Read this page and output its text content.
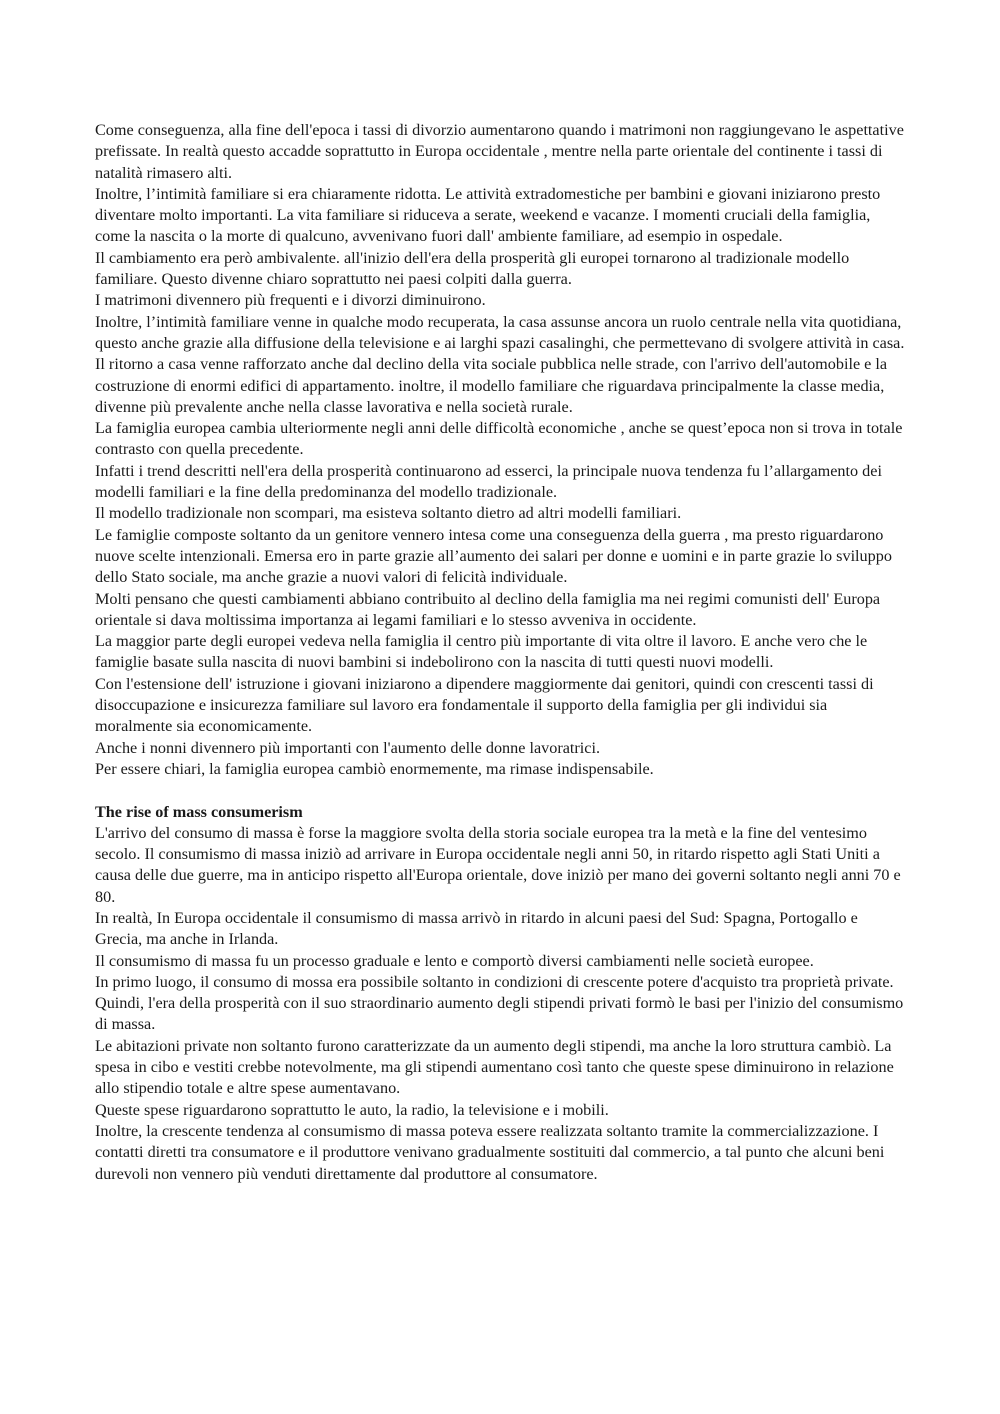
Come conseguenza, alla fine dell'epoca i tassi di divorzio aumentarono quando i matrimoni non raggiungevano le aspettative prefissate. In realtà questo accadde soprattutto in Europa occidentale , mentre nella parte orientale del continente i tassi di natalità rimasero alti.

Inoltre, l’intimità familiare si era chiaramente ridotta. Le attività extradomestiche per bambini e giovani iniziarono presto diventare molto importanti. La vita familiare si riduceva a serate, weekend e vacanze. I momenti cruciali della famiglia, come la nascita o la morte di qualcuno, avvenivano fuori dall' ambiente familiare, ad esempio in ospedale.

Il cambiamento era però ambivalente. all'inizio dell'era della prosperità gli europei tornarono al tradizionale modello familiare. Questo divenne chiaro soprattutto nei paesi colpiti dalla guerra.

I matrimoni divennero più frequenti e i divorzi diminuirono.

Inoltre, l’intimità familiare venne in qualche modo recuperata, la casa assunse ancora un ruolo centrale nella vita quotidiana, questo anche grazie alla diffusione della televisione e ai larghi spazi casalinghi, che permettevano di svolgere attività in casa.

Il ritorno a casa venne rafforzato anche dal declino della vita sociale pubblica nelle strade, con l'arrivo dell'automobile e la costruzione di enormi edifici di appartamento. inoltre, il modello familiare che riguardava principalmente la classe media, divenne più prevalente anche nella classe lavorativa e nella società rurale.

La famiglia europea cambia ulteriormente negli anni delle difficoltà economiche , anche se quest’epoca non si trova in totale contrasto con quella precedente.

Infatti i trend descritti nell'era della prosperità continuarono ad esserci, la principale nuova tendenza fu l’allargamento dei modelli familiari e la fine della predominanza del modello tradizionale.

Il modello tradizionale non scompari, ma esisteva soltanto dietro ad altri modelli familiari.

Le famiglie composte soltanto da un genitore vennero intesa come una conseguenza della guerra , ma presto riguardarono nuove scelte intenzionali. Emersa ero in parte grazie all’aumento dei salari per donne e uomini e in parte grazie lo sviluppo dello Stato sociale, ma anche grazie a nuovi valori di felicità individuale.

Molti pensano che questi cambiamenti abbiano contribuito al declino della famiglia ma nei regimi comunisti dell' Europa orientale si dava moltissima importanza ai legami familiari e lo stesso avveniva in occidente.

La maggior parte degli europei vedeva nella famiglia il centro più importante di vita oltre il lavoro. E anche vero che le famiglie basate sulla nascita di nuovi bambini si indebolirono con la nascita di tutti questi nuovi modelli.

Con l'estensione dell' istruzione i giovani iniziarono a dipendere maggiormente dai genitori, quindi con crescenti tassi di disoccupazione e insicurezza familiare sul lavoro era fondamentale il supporto della famiglia per gli individui sia moralmente sia economicamente.

Anche i nonni divennero più importanti con l'aumento delle donne lavoratrici.

Per essere chiari, la famiglia europea cambiò enormemente, ma rimase indispensabile.

The rise of mass consumerism

L'arrivo del consumo di massa è forse la maggiore svolta della storia sociale europea tra la metà e la fine del ventesimo secolo. Il consumismo di massa iniziò ad arrivare in Europa occidentale negli anni 50, in ritardo rispetto agli Stati Uniti a causa delle due guerre, ma in anticipo rispetto all'Europa orientale, dove iniziò per mano dei governi soltanto negli anni 70 e 80.

In realtà, In Europa occidentale il consumismo di massa arrivò in ritardo in alcuni paesi del Sud: Spagna, Portogallo e Grecia, ma anche in Irlanda.

Il consumismo di massa fu un processo graduale e lento e comportò diversi cambiamenti nelle società europee.

In primo luogo, il consumo di mossa era possibile soltanto in condizioni di crescente potere d'acquisto tra proprietà private. Quindi, l'era della prosperità con il suo straordinario aumento degli stipendi privati formò le basi per l'inizio del consumismo di massa.

Le abitazioni private non soltanto furono caratterizzate da un aumento degli stipendi, ma anche la loro struttura cambiò. La spesa in cibo e vestiti crebbe notevolmente, ma gli stipendi aumentano così tanto che queste spese diminuirono in relazione allo stipendio totale e altre spese aumentavano.

Queste spese riguardarono soprattutto le auto, la radio, la televisione e i mobili.

Inoltre, la crescente tendenza al consumismo di massa poteva essere realizzata soltanto tramite la commercializzazione. I contatti diretti tra consumatore e il produttore venivano gradualmente sostituiti dal commercio, a tal punto che alcuni beni durevoli non vennero più venduti direttamente dal produttore al consumatore.
